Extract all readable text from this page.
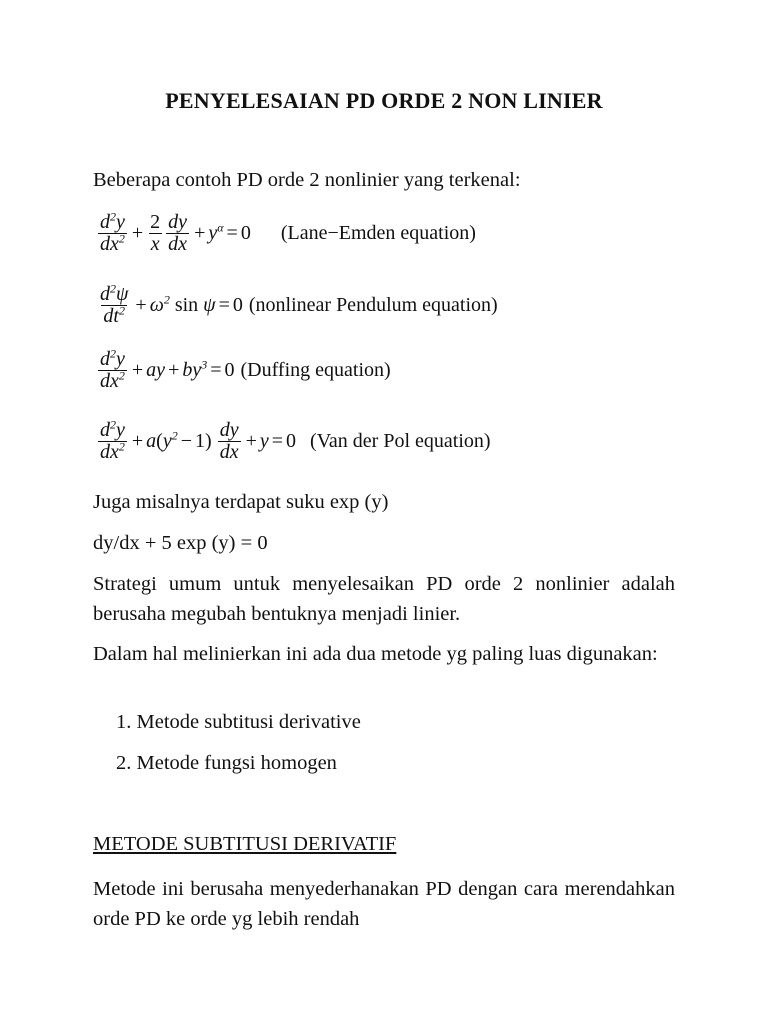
PENYELESAIAN PD ORDE 2 NON LINIER
Beberapa contoh PD orde 2 nonlinier yang terkenal:
$\frac{d^2y}{dx^2} + \frac{2}{x} \frac{dy}{dx} + y^\alpha = 0$ (Lane−Emden equation)
$\frac{d^2\psi}{dt^2} + \omega^2$ sin ψ = 0 (nonlinear Pendulum equation)
$\frac{d^2y}{dx^2}$ + ay + $by^3 = 0$ (Duffing equation)
$\frac{d^2y}{dx^2} + a$ ( $y^2 - 1) \frac{dy}{dx} + y = 0$ (Van der Pol equation)
Juga misalnya terdapat suku exp (y)
dy/dx + 5 exp (y) = 0
Strategi umum untuk menyelesaikan PD orde 2 nonlinier adalah berusaha megubah bentuknya menjadi linier.
Dalam hal melinierkan ini ada dua metode yg paling luas digunakan:
1. Metode subtitusi derivative
2. Metode fungsi homogen
METODE SUBTITUSI DERIVATIF
Metode ini berusaha menyederhanakan PD dengan cara merendahkan orde PD ke orde yg lebih rendah
